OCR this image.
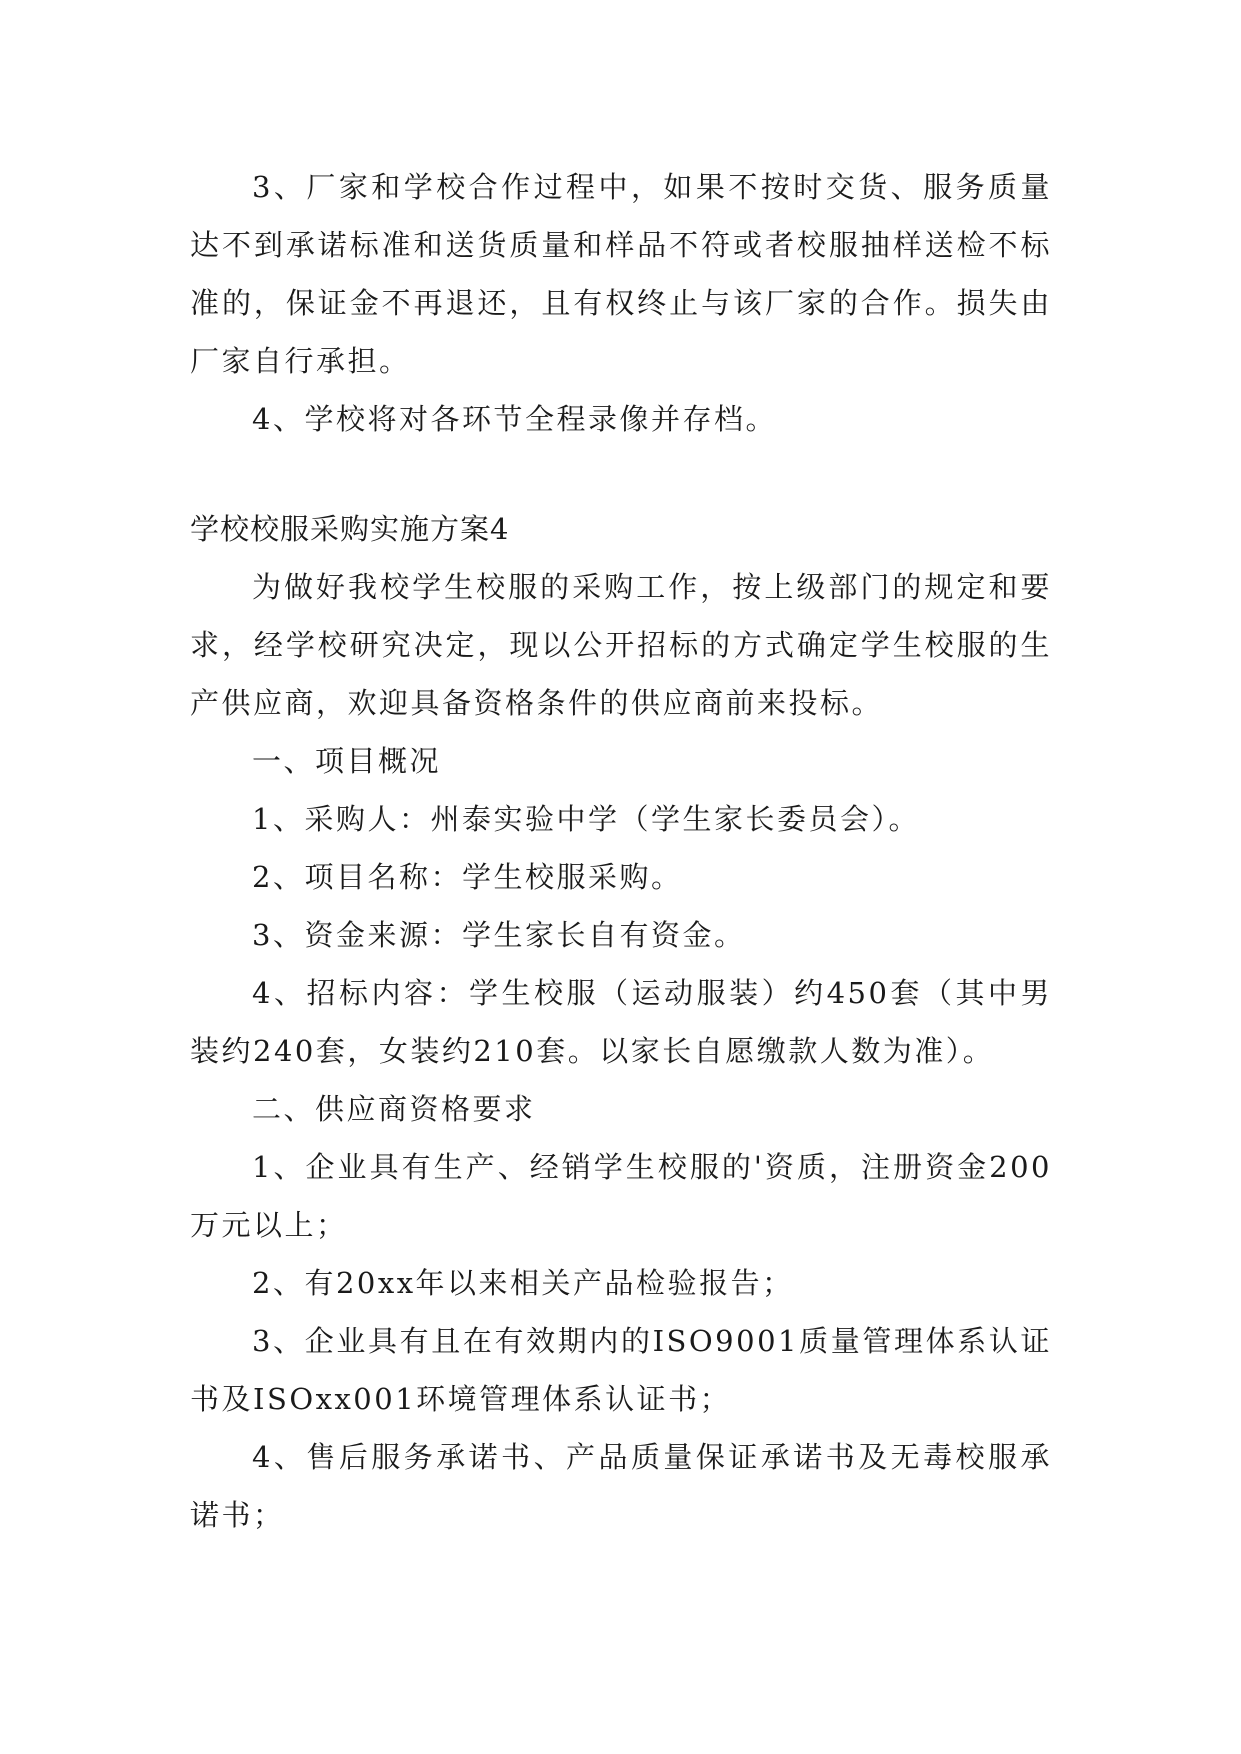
3、厂家和学校合作过程中，如果不按时交货、服务质量达不到承诺标准和送货质量和样品不符或者校服抽样送检不标准的，保证金不再退还，且有权终止与该厂家的合作。损失由厂家自行承担。

4、学校将对各环节全程录像并存档。

学校校服采购实施方案4

为做好我校学生校服的采购工作，按上级部门的规定和要求，经学校研究决定，现以公开招标的方式确定学生校服的生产供应商，欢迎具备资格条件的供应商前来投标。

一、项目概况

1、采购人：州泰实验中学（学生家长委员会）。

2、项目名称：学生校服采购。

3、资金来源：学生家长自有资金。

4、招标内容：学生校服（运动服装）约450套（其中男装约240套，女装约210套。以家长自愿缴款人数为准）。

二、供应商资格要求

1、企业具有生产、经销学生校服的'资质，注册资金200万元以上；

2、有20xx年以来相关产品检验报告；

3、企业具有且在有效期内的ISO9001质量管理体系认证书及ISOxx001环境管理体系认证书；

4、售后服务承诺书、产品质量保证承诺书及无毒校服承诺书；
